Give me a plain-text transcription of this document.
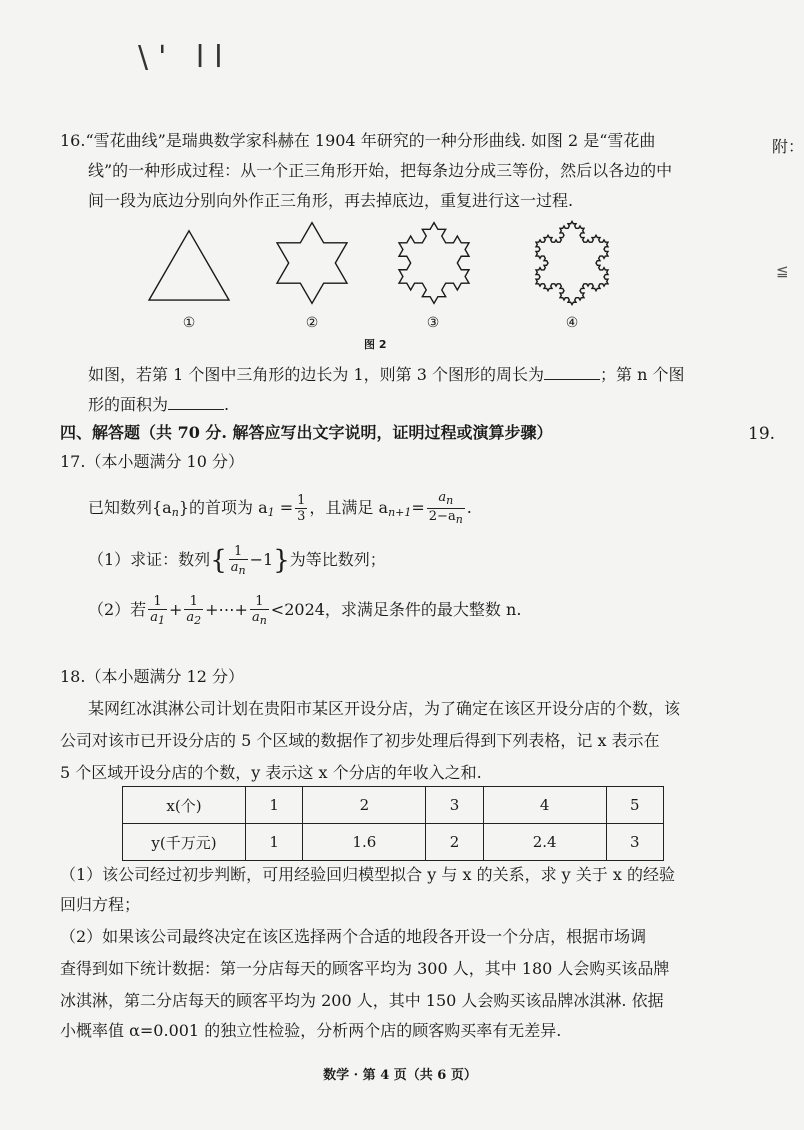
\' ll
附：
≦
19.
16.“雪花曲线”是瑞典数学家科赫在 1904 年研究的一种分形曲线. 如图 2 是“雪花曲
线”的一种形成过程：从一个正三角形开始，把每条边分成三等份，然后以各边的中
间一段为底边分别向外作正三角形，再去掉底边，重复进行这一过程.
①	②	③	④
图 2
如图，若第 1 个图中三角形的边长为 1，则第 3 个图形的周长为	；第 n 个图
形的面积为	.
四、解答题（共 70 分. 解答应写出文字说明，证明过程或演算步骤）
17.（本小题满分 10 分）
已知数列$\{a_n\}$的首项为 $a_1 = \frac{1}{3}$ ，且满足 $a_{n+1}= \frac{a_n}{2-a_n}$ .
（1）求证：数列{ $\frac{1}{a_n} -1$}为等比数列；
（2）若 $\frac{1}{a_1} + \frac{1}{a_2}$ +⋯+ $\frac{1}{a_n} <2024$，求满足条件的最大整数 n.
18.（本小题满分 12 分）
某网红冰淇淋公司计划在贵阳市某区开设分店，为了确定在该区开设分店的个数，该
公司对该市已开设分店的 5 个区域的数据作了初步处理后得到下列表格，记 x 表示在
5 个区域开设分店的个数，y 表示这 x 个分店的年收入之和.
x(个)	1	2	3	4	5
y(千万元)	1	1.6	2	2.4	3
（1）该公司经过初步判断，可用经验回归模型拟合 y 与 x 的关系，求 y 关于 x 的经验
回归方程；
（2）如果该公司最终决定在该区选择两个合适的地段各开设一个分店，根据市场调
查得到如下统计数据：第一分店每天的顾客平均为 300 人，其中 180 人会购买该品牌
冰淇淋，第二分店每天的顾客平均为 200 人，其中 150 人会购买该品牌冰淇淋. 依据
小概率值 α=0.001 的独立性检验，分析两个店的顾客购买率有无差异.
数学 · 第 4 页（共 6 页）
